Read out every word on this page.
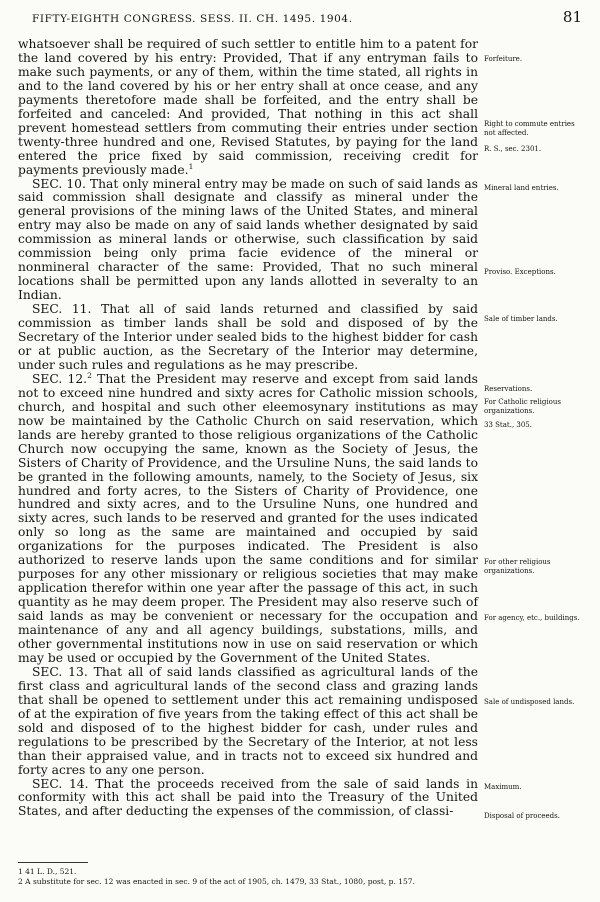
FIFTY-EIGHTH CONGRESS. SESS. II. CH. 1495. 1904.	81

whatsoever shall be required of such settler to entitle him to a patent for the land covered by his entry: Provided, That if any entryman fails to make such payments, or any of them, within the time stated, all rights in and to the land covered by his or her entry shall at once cease, and any payments theretofore made shall be forfeited, and the entry shall be forfeited and canceled: And provided, That nothing in this act shall prevent homestead settlers from commuting their entries under section twenty-three hundred and one, Revised Statutes, by paying for the land entered the price fixed by said commission, receiving credit for payments previously made.$^1$

SEC. 10. That only mineral entry may be made on such of said lands as said commission shall designate and classify as mineral under the general provisions of the mining laws of the United States, and mineral entry may also be made on any of said lands whether designated by said commission as mineral lands or otherwise, such classification by said commission being only prima facie evidence of the mineral or nonmineral character of the same: Provided, That no such mineral locations shall be permitted upon any lands allotted in severalty to an Indian.

SEC. 11. That all of said lands returned and classified by said commission as timber lands shall be sold and disposed of by the Secretary of the Interior under sealed bids to the highest bidder for cash or at public auction, as the Secretary of the Interior may determine, under such rules and regulations as he may prescribe.

SEC. 12.$^2$ That the President may reserve and except from said lands not to exceed nine hundred and sixty acres for Catholic mission schools, church, and hospital and such other eleemosynary institutions as may now be maintained by the Catholic Church on said reservation, which lands are hereby granted to those religious organizations of the Catholic Church now occupying the same, known as the Society of Jesus, the Sisters of Charity of Providence, and the Ursuline Nuns, the said lands to be granted in the following amounts, namely, to the Society of Jesus, six hundred and forty acres, to the Sisters of Charity of Providence, one hundred and sixty acres, and to the Ursuline Nuns, one hundred and sixty acres, such lands to be reserved and granted for the uses indicated only so long as the same are maintained and occupied by said organizations for the purposes indicated. The President is also authorized to reserve lands upon the same conditions and for similar purposes for any other missionary or religious societies that may make application therefor within one year after the passage of this act, in such quantity as he may deem proper. The President may also reserve such of said lands as may be convenient or necessary for the occupation and maintenance of any and all agency buildings, substations, mills, and other governmental institutions now in use on said reservation or which may be used or occupied by the Government of the United States.

SEC. 13. That all of said lands classified as agricultural lands of the first class and agricultural lands of the second class and grazing lands that shall be opened to settlement under this act remaining undisposed of at the expiration of five years from the taking effect of this act shall be sold and disposed of to the highest bidder for cash, under rules and regulations to be prescribed by the Secretary of the Interior, at not less than their appraised value, and in tracts not to exceed six hundred and forty acres to any one person.

SEC. 14. That the proceeds received from the sale of said lands in conformity with this act shall be paid into the Treasury of the United States, and after deducting the expenses of the commission, of classi-

Forfeiture.
Right to commute entries not affected.
R. S., sec. 2301.
Mineral land entries.
Proviso. Exceptions.
Sale of timber lands.
Reservations.
For Catholic religious organizations.
33 Stat., 305.
For other religious organizations.
For agency, etc., buildings.
Sale of undisposed lands.
Maximum.
Disposal of proceeds.
1 41 L. D., 521.
2 A substitute for sec. 12 was enacted in sec. 9 of the act of 1905, ch. 1479, 33 Stat., 1080, post, p. 157.
